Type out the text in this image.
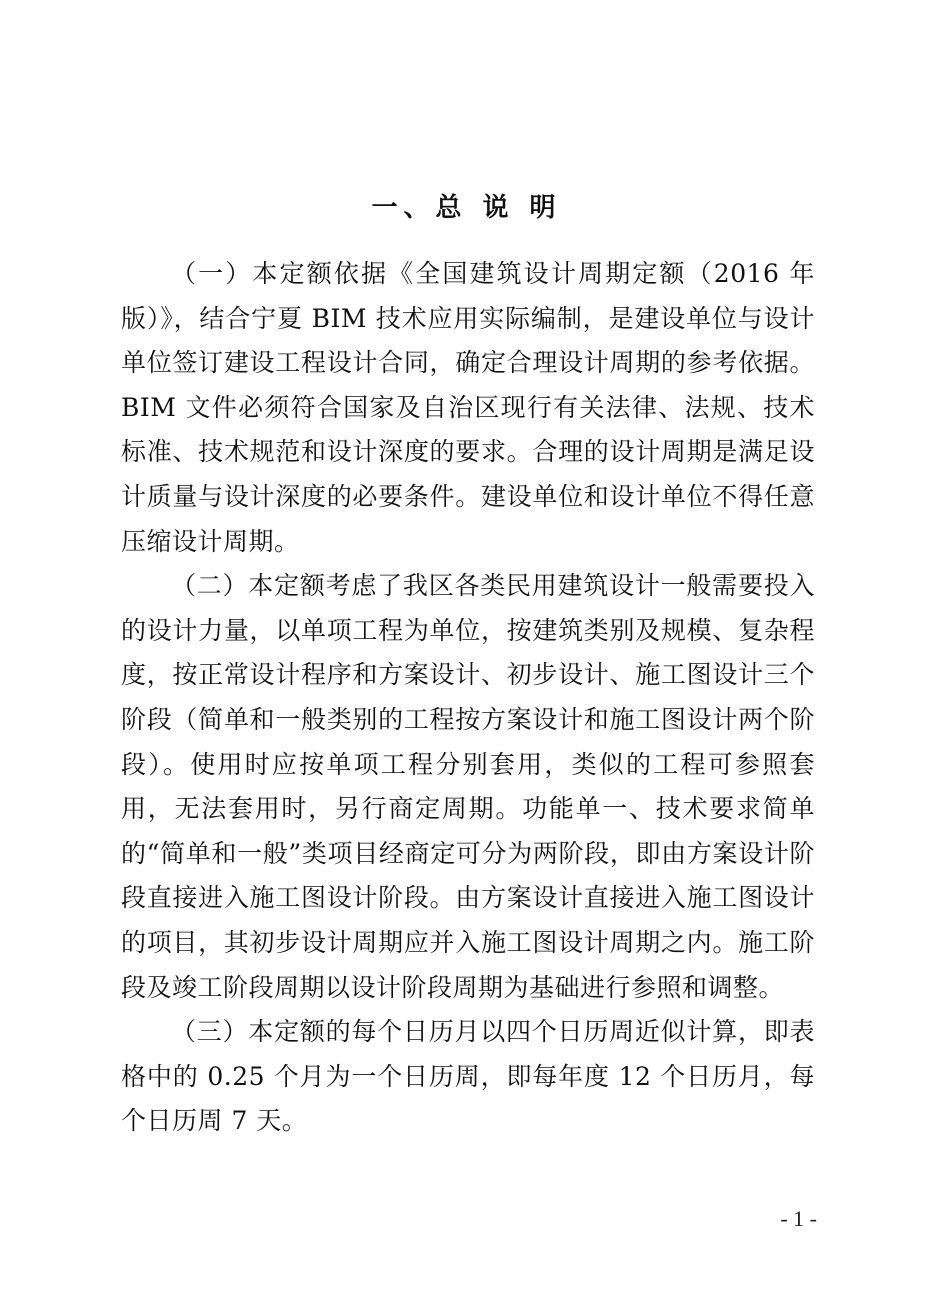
一、总 说 明

（一）本定额依据《全国建筑设计周期定额（2016 年版）》，结合宁夏 BIM 技术应用实际编制，是建设单位与设计单位签订建设工程设计合同，确定合理设计周期的参考依据。BIM 文件必须符合国家及自治区现行有关法律、法规、技术标准、技术规范和设计深度的要求。合理的设计周期是满足设计质量与设计深度的必要条件。建设单位和设计单位不得任意压缩设计周期。

（二）本定额考虑了我区各类民用建筑设计一般需要投入的设计力量，以单项工程为单位，按建筑类别及规模、复杂程度，按正常设计程序和方案设计、初步设计、施工图设计三个阶段（简单和一般类别的工程按方案设计和施工图设计两个阶段）。使用时应按单项工程分别套用，类似的工程可参照套用，无法套用时，另行商定周期。功能单一、技术要求简单的“简单和一般”类项目经商定可分为两阶段，即由方案设计阶段直接进入施工图设计阶段。由方案设计直接进入施工图设计的项目，其初步设计周期应并入施工图设计周期之内。施工阶段及竣工阶段周期以设计阶段周期为基础进行参照和调整。

（三）本定额的每个日历月以四个日历周近似计算，即表格中的 0.25 个月为一个日历周，即每年度 12 个日历月，每个日历周 7 天。

- 1 -
